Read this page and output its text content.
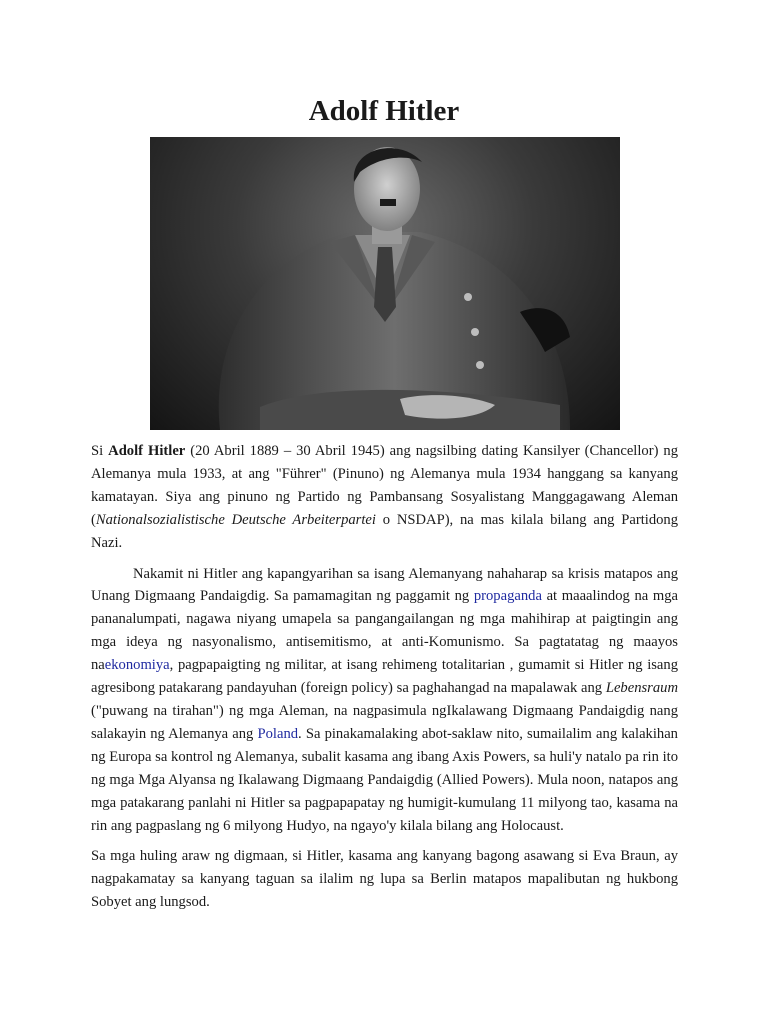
Adolf Hitler

Si Adolf Hitler (20 Abril 1889 – 30 Abril 1945) ang nagsilbing dating Kansilyer (Chancellor) ng Alemanya mula 1933, at ang "Führer" (Pinuno) ng Alemanya mula 1934 hanggang sa kanyang kamatayan. Siya ang pinuno ng Partido ng Pambansang Sosyalistang Manggagawang Aleman (Nationalsozialistische Deutsche Arbeiterpartei o NSDAP), na mas kilala bilang ang Partidong Nazi.

Nakamit ni Hitler ang kapangyarihan sa isang Alemanyang nahaharap sa krisis matapos ang Unang Digmaang Pandaigdig. Sa pamamagitan ng paggamit ng propaganda at maaalindog na mga pananalumpati, nagawa niyang umapela sa pangangailangan ng mga mahihirap at paigtingin ang mga ideya ng nasyonalismo, antisemitismo, at anti-Komunismo. Sa pagtatatag ng maayos naekonomiya, pagpapaigting ng militar, at isang rehimeng totalitarian , gumamit si Hitler ng isang agresibong patakarang pandayuhan (foreign policy) sa paghahangad na mapalawak ang Lebensraum ("puwang na tirahan") ng mga Aleman, na nagpasimula ngIkalawang Digmaang Pandaigdig nang salakayin ng Alemanya ang Poland. Sa pinakamalaking abot-saklaw nito, sumailalim ang kalakihan ng Europa sa kontrol ng Alemanya, subalit kasama ang ibang Axis Powers, sa huli'y natalo pa rin ito ng mga Mga Alyansa ng Ikalawang Digmaang Pandaigdig (Allied Powers). Mula noon, natapos ang mga patakarang panlahi ni Hitler sa pagpapapatay ng humigit-kumulang 11 milyong tao, kasama na rin ang pagpaslang ng 6 milyong Hudyo, na ngayo'y kilala bilang ang Holocaust.

Sa mga huling araw ng digmaan, si Hitler, kasama ang kanyang bagong asawang si Eva Braun, ay nagpakamatay sa kanyang taguan sa ilalim ng lupa sa Berlin matapos mapalibutan ng hukbong Sobyet ang lungsod.
